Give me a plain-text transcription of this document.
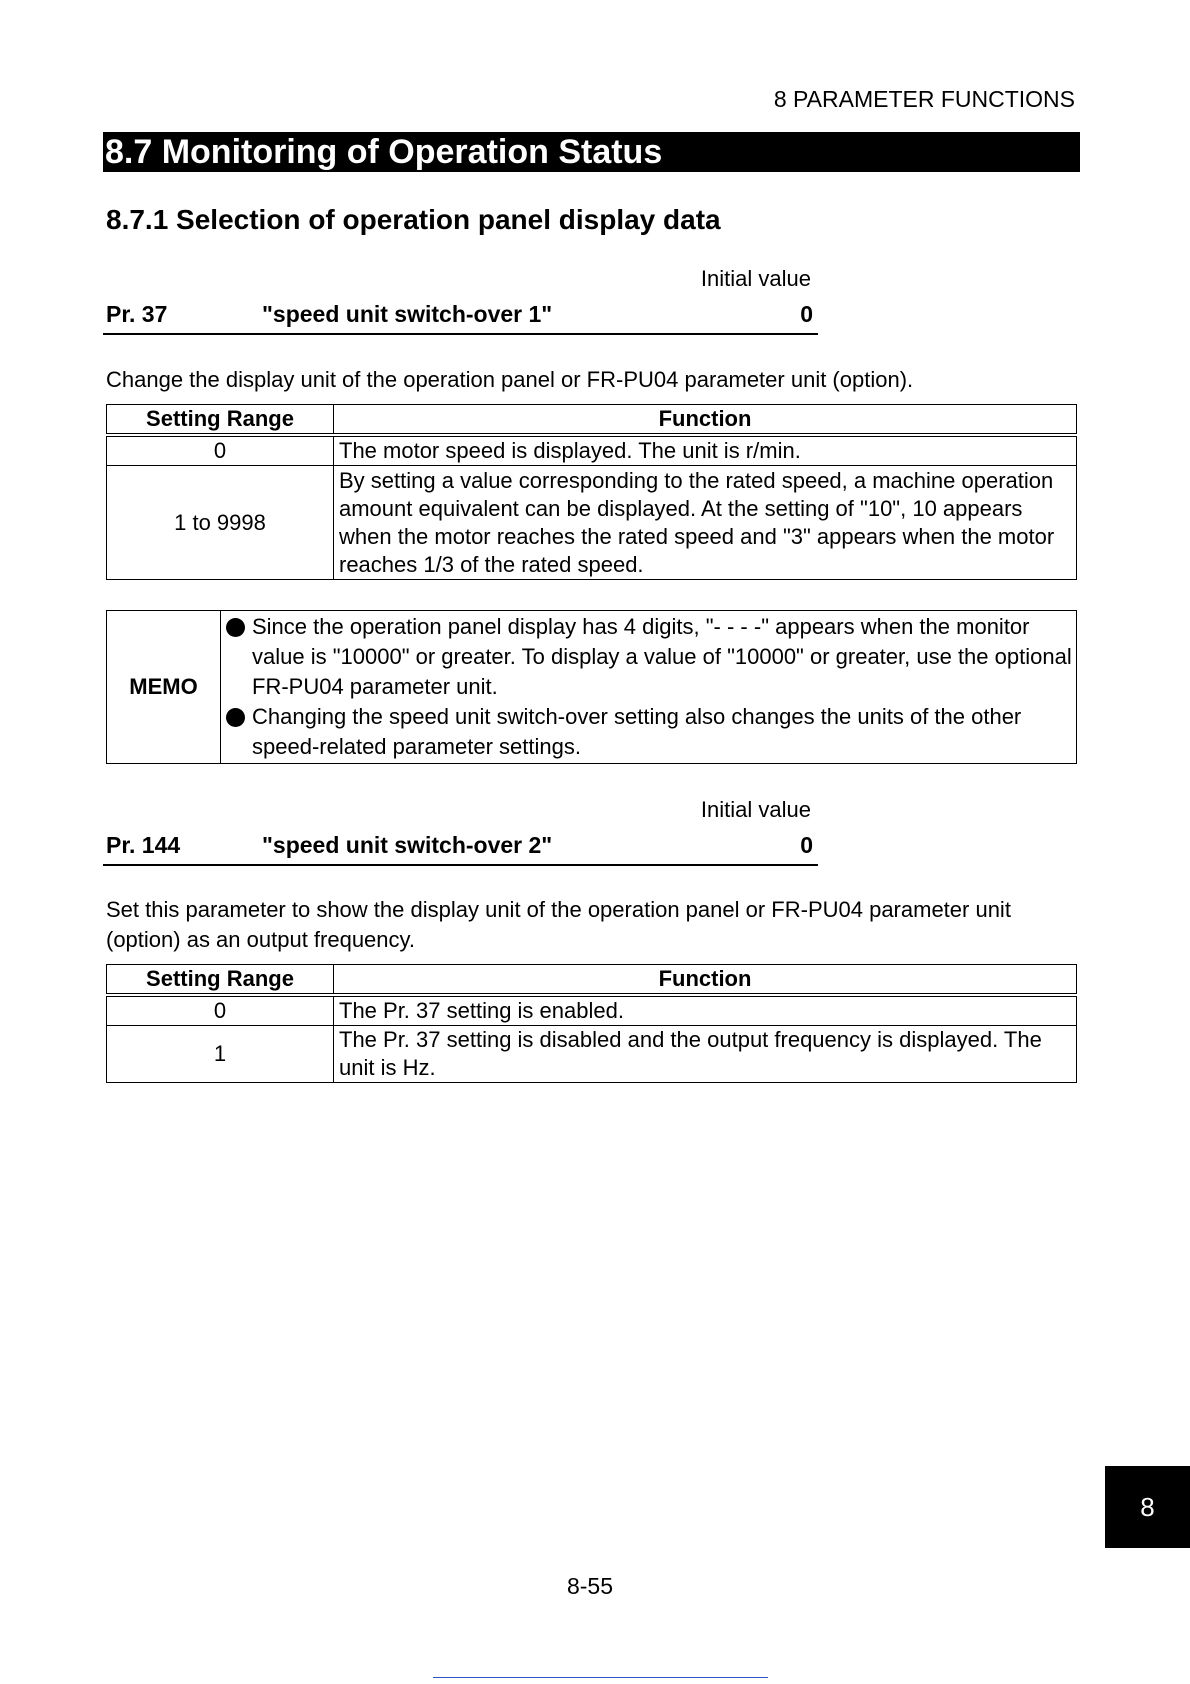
8 PARAMETER FUNCTIONS
8.7 Monitoring of Operation Status
8.7.1 Selection of operation panel display data
Initial value
Pr. 37	"speed unit switch-over 1"	0
Change the display unit of the operation panel or FR-PU04 parameter unit (option).
Setting Range	Function
0	The motor speed is displayed. The unit is r/min.
1 to 9998	By setting a value corresponding to the rated speed, a machine operation amount equivalent can be displayed. At the setting of "10", 10 appears when the motor reaches the rated speed and "3" appears when the motor reaches 1/3 of the rated speed.
MEMO	
Since the operation panel display has 4 digits, "- - - -" appears when the monitor value is "10000" or greater. To display a value of "10000" or greater, use the optional FR-PU04 parameter unit.
Changing the speed unit switch-over setting also changes the units of the other speed-related parameter settings.
Initial value
Pr. 144	"speed unit switch-over 2"	0
Set this parameter to show the display unit of the operation panel or FR-PU04 parameter unit (option) as an output frequency.
Setting Range	Function
0	The Pr. 37 setting is enabled.
1	The Pr. 37 setting is disabled and the output frequency is displayed. The unit is Hz.
8
8-55
